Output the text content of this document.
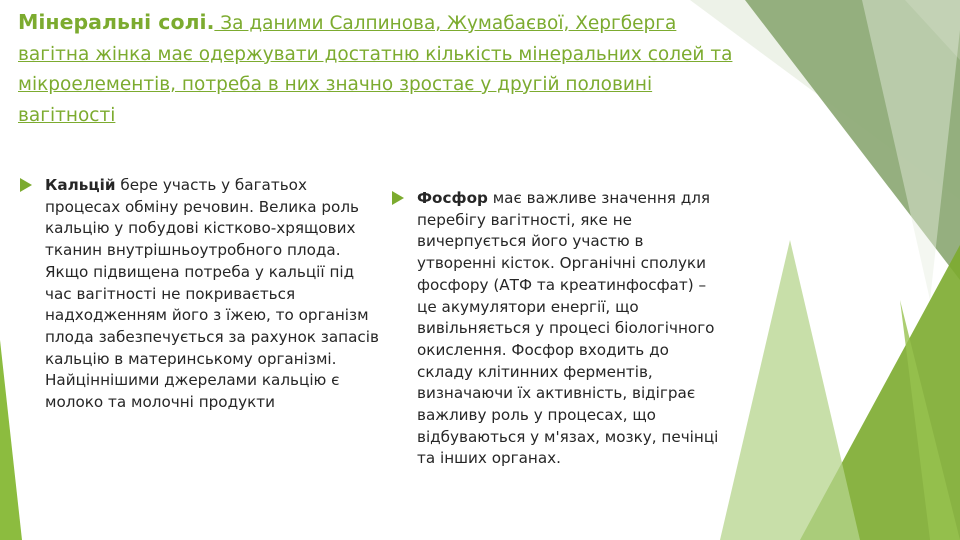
Мінеральні солі. За даними Салпинова, Жумабаєвої, Хергберга вагітна жінка має одержувати достатню кількість мінеральних солей та мікроелементів, потреба в них значно зростає у другій половині вагітності
Кальцій бере участь у багатьох процесах обміну речовин. Велика роль кальцію у побудові кістково-хрящових тканин внутрішньоутробного плода. Якщо підвищена потреба у кальції під час вагітності не покривається надходженням його з їжею, то організм плода забезпечується за рахунок запасів кальцію в материнському організмі. Найціннішими джерелами кальцію є молоко та молочні продукти
Фосфор має важливе значення для перебігу вагітності, яке не вичерпується його участю в утворенні кісток. Органічні сполуки фосфору (АТФ та креатинфосфат) – це акумулятори енергії, що вивільняється у процесі біологічного окислення. Фосфор входить до складу клітинних ферментів, визначаючи їх активність, відіграє важливу роль у процесах, що відбуваються у м'язах, мозку, печінці та інших органах.
